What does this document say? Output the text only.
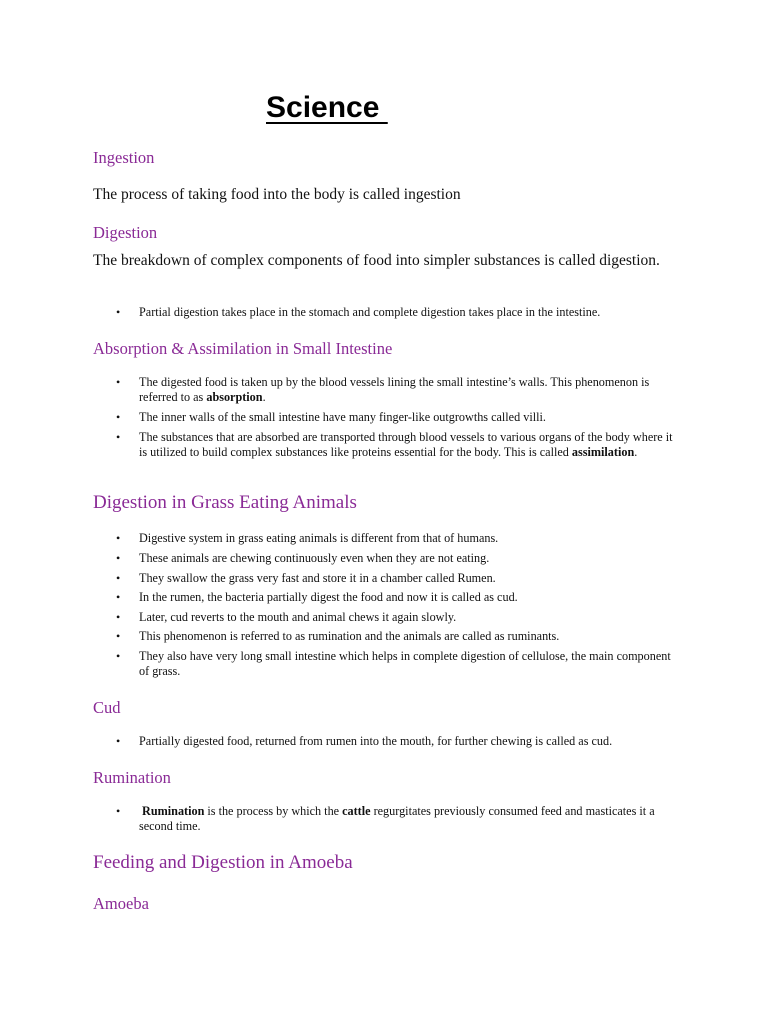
Science
Ingestion

The process of taking food into the body is called ingestion

Digestion

The breakdown of complex components of food into simpler substances is called digestion.

• Partial digestion takes place in the stomach and complete digestion takes place in the intestine.
Absorption & Assimilation in Small Intestine
• The digested food is taken up by the blood vessels lining the small intestine’s walls. This phenomenon is referred to as absorption.
• The inner walls of the small intestine have many finger-like outgrowths called villi.
• The substances that are absorbed are transported through blood vessels to various organs of the body where it is utilized to build complex substances like proteins essential for the body. This is called assimilation.
Digestion in Grass Eating Animals
• Digestive system in grass eating animals is different from that of humans.
• These animals are chewing continuously even when they are not eating.
• They swallow the grass very fast and store it in a chamber called Rumen.
• In the rumen, the bacteria partially digest the food and now it is called as cud.
• Later, cud reverts to the mouth and animal chews it again slowly.
• This phenomenon is referred to as rumination and the animals are called as ruminants.
• They also have very long small intestine which helps in complete digestion of cellulose, the main component of grass.
Cud
• Partially digested food, returned from rumen into the mouth, for further chewing is called as cud.
Rumination
• Rumination is the process by which the cattle regurgitates previously consumed feed and masticates it a second time.
Feeding and Digestion in Amoeba
Amoeba
